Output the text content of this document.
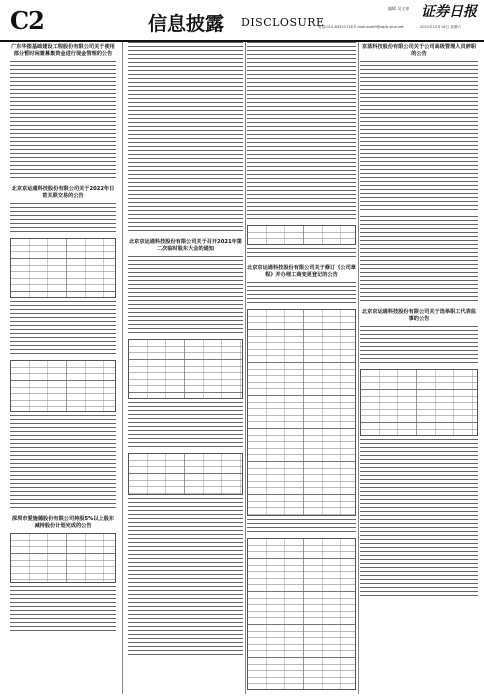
C2	信息披露 DISCLOSURE
编辑 吴主审 证券日报
电话:010-83251716 E-mail:zqrb9@zqrb.sina.net	2021年12月18日 星期六
广东华图基础建设工程股份有限公司关于使用部分暂时闲置募集资金进行现金管理的公告
北京京运通科技股份有限公司关于2022年日常关联交易的公告
深圳市爱施德股份有限公司持股5%以上股东减持股份计划完成的公告
北京京运通科技股份有限公司关于召开2021年第二次临时股东大会的通知
北京京运通科技股份有限公司关于修订《公司章程》并办理工商变更登记的公告
京蓝科技股份有限公司关于公司高级管理人员辞职的公告
北京京运通科技股份有限公司关于选举职工代表监事的公告
